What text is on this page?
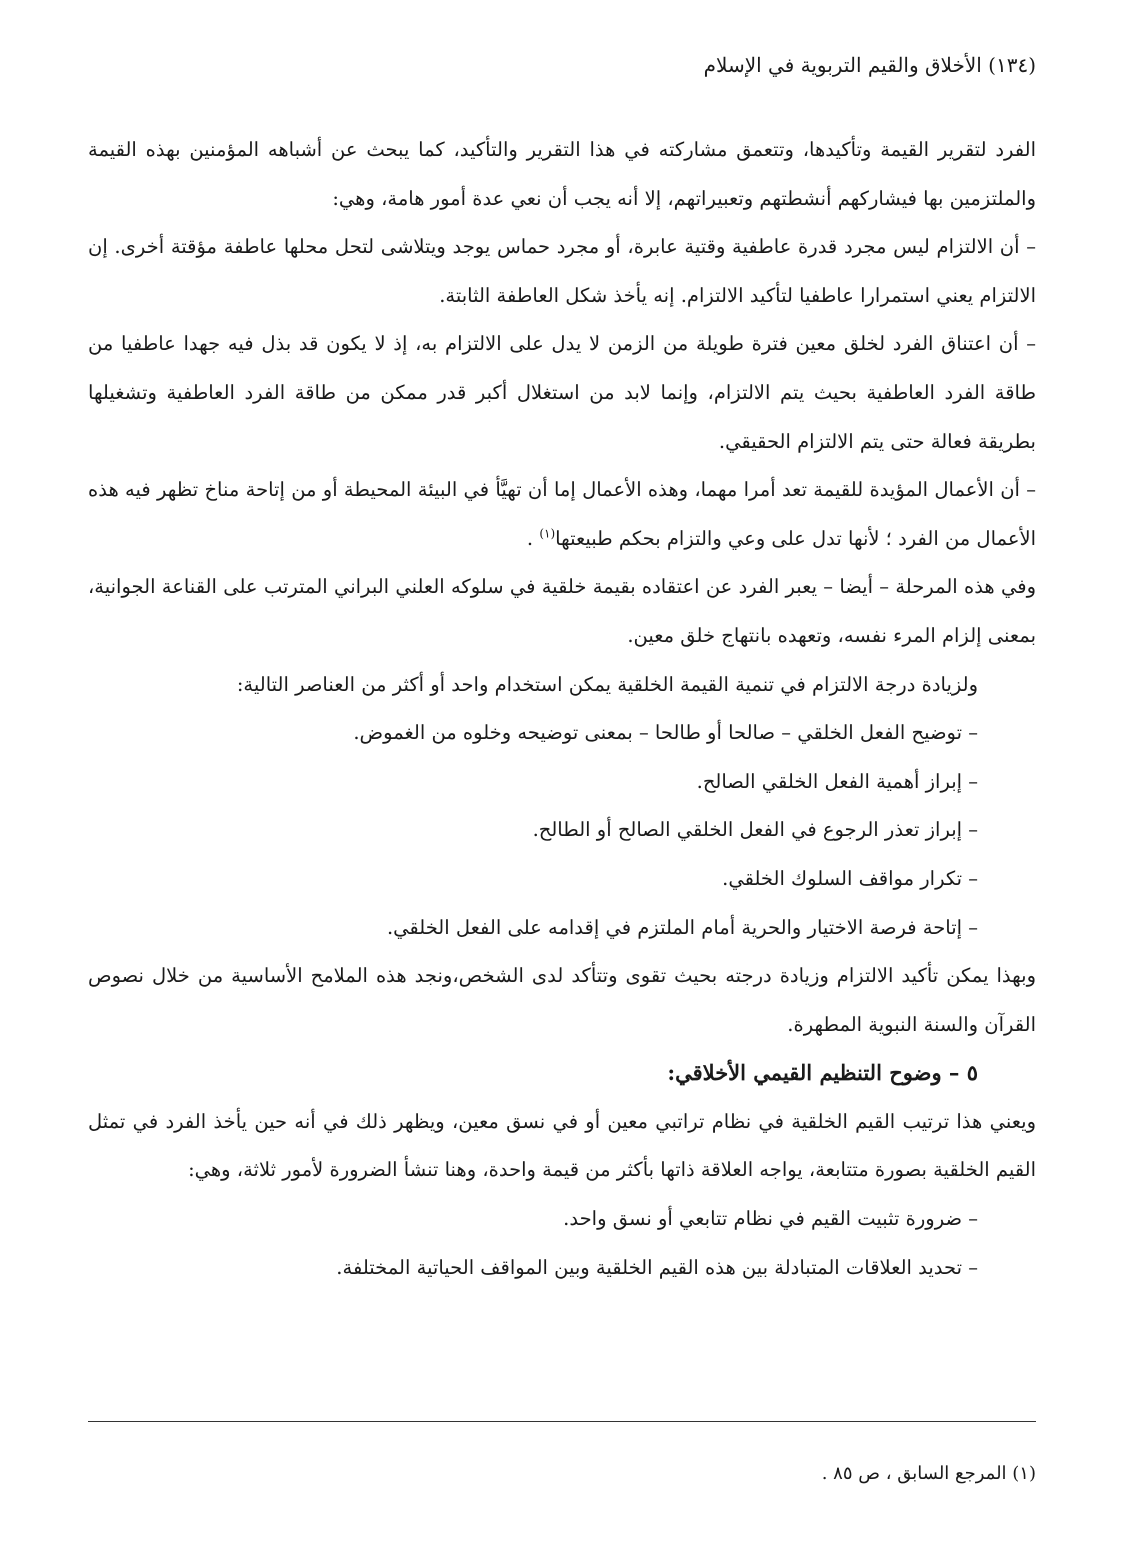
(١٣٤) الأخلاق والقيم التربوية في الإسلام

الفرد لتقرير القيمة وتأكيدها، وتتعمق مشاركته في هذا التقرير والتأكيد، كما يبحث عن أشباهه المؤمنين بهذه القيمة والملتزمين بها فيشاركهم أنشطتهم وتعبيراتهم، إلا أنه يجب أن نعي عدة أمور هامة، وهي:

– أن الالتزام ليس مجرد قدرة عاطفية وقتية عابرة، أو مجرد حماس يوجد ويتلاشى لتحل محلها عاطفة مؤقتة أخرى. إن الالتزام يعني استمرارا عاطفيا لتأكيد الالتزام. إنه يأخذ شكل العاطفة الثابتة.

– أن اعتناق الفرد لخلق معين فترة طويلة من الزمن لا يدل على الالتزام به، إذ لا يكون قد بذل فيه جهدا عاطفيا من طاقة الفرد العاطفية بحيث يتم الالتزام، وإنما لابد من استغلال أكبر قدر ممكن من طاقة الفرد العاطفية وتشغيلها بطريقة فعالة حتى يتم الالتزام الحقيقي.

– أن الأعمال المؤيدة للقيمة تعد أمرا مهما، وهذه الأعمال إما أن تهيَّأ في البيئة المحيطة أو من إتاحة مناخ تظهر فيه هذه الأعمال من الفرد ؛ لأنها تدل على وعي والتزام بحكم طبيعتها$^{(١)}$ .

وفي هذه المرحلة – أيضا – يعبر الفرد عن اعتقاده بقيمة خلقية في سلوكه العلني البراني المترتب على القناعة الجوانية، بمعنى إلزام المرء نفسه، وتعهده بانتهاج خلق معين.

ولزيادة درجة الالتزام في تنمية القيمة الخلقية يمكن استخدام واحد أو أكثر من العناصر التالية:

– توضيح الفعل الخلقي – صالحا أو طالحا – بمعنى توضيحه وخلوه من الغموض.

– إبراز أهمية الفعل الخلقي الصالح.

– إبراز تعذر الرجوع في الفعل الخلقي الصالح أو الطالح.

– تكرار مواقف السلوك الخلقي.

– إتاحة فرصة الاختيار والحرية أمام الملتزم في إقدامه على الفعل الخلقي.

وبهذا يمكن تأكيد الالتزام وزيادة درجته بحيث تقوى وتتأكد لدى الشخص،ونجد هذه الملامح الأساسية من خلال نصوص القرآن والسنة النبوية المطهرة.

٥ – وضوح التنظيم القيمي الأخلاقي:

ويعني هذا ترتيب القيم الخلقية في نظام تراتبي معين أو في نسق معين، ويظهر ذلك في أنه حين يأخذ الفرد في تمثل القيم الخلقية بصورة متتابعة، يواجه العلاقة ذاتها بأكثر من قيمة واحدة، وهنا تنشأ الضرورة لأمور ثلاثة، وهي:

– ضرورة تثبيت القيم في نظام تتابعي أو نسق واحد.

– تحديد العلاقات المتبادلة بين هذه القيم الخلقية وبين المواقف الحياتية المختلفة.

(١) المرجع السابق ، ص ٨٥ .
